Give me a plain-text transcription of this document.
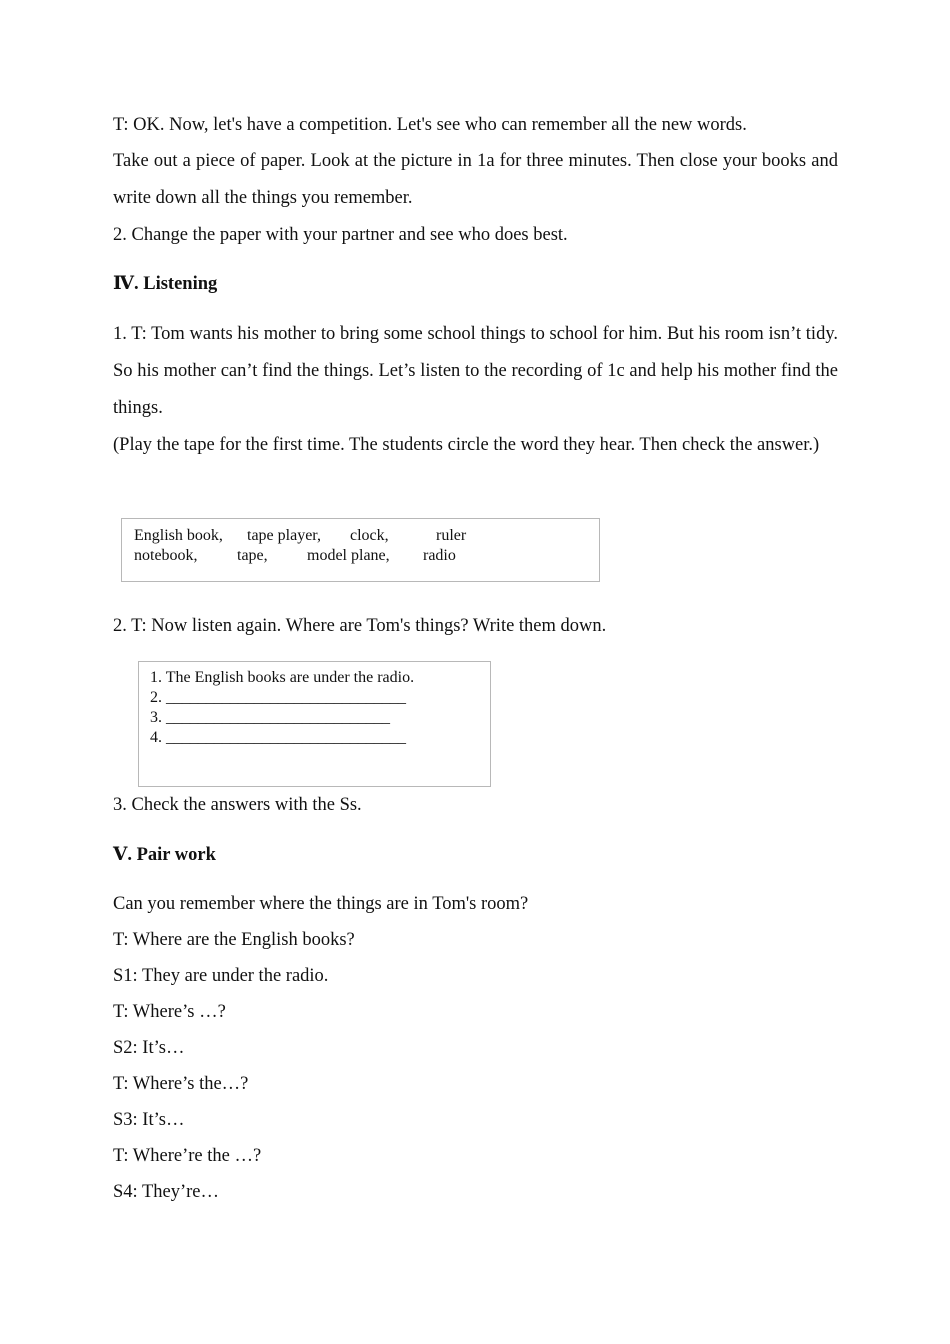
T: OK. Now, let's have a competition. Let's see who can remember all the new words.

Take out a piece of paper. Look at the picture in 1a for three minutes. Then close your books and write down all the things you remember.

2. Change the paper with your partner and see who does best.

Ⅳ. Listening

1. T: Tom wants his mother to bring some school things to school for him. But his room isn’t tidy. So his mother can’t find the things. Let’s listen to the recording of 1c and help his mother find the things.

(Play the tape for the first time. The students circle the word they hear. Then check the answer.)

English book, tape player, clock,	ruler
notebook, tape, model plane, radio

2. T: Now listen again. Where are Tom's things? Write them down.

1. The English books are under the radio.
2. ______________________________
3. ____________________________
4. ______________________________

3. Check the answers with the Ss.

Ⅴ. Pair work

Can you remember where the things are in Tom's room?

T: Where are the English books?

S1: They are under the radio.

T: Where’s …?

S2: It’s…

T: Where’s the…?

S3: It’s…

T: Where’re the …?

S4: They’re…
